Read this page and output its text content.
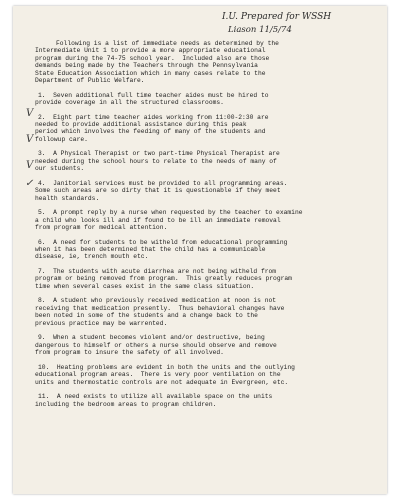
I.U. Prepared for WSSH
Liason 11/5/74
V
V
V
✓
Following is a list of immediate needs as determined by the
Intermediate Unit 1 to provide a more appropriate educational
program during the 74-75 school year.  Included also are those
demands being made by the Teachers through the Pennsylvania
State Education Association which in many cases relate to the
Department of Public Welfare.
1.  Seven additional full time teacher aides must be hired to
provide coverage in all the structured classrooms.
2.  Eight part time teacher aides working from 11:00-2:30 are
needed to provide additional assistance during this peak
period which involves the feeding of many of the students and
followup care.
3.  A Physical Therapist or two part-time Physical Therapist are
needed during the school hours to relate to the needs of many of
our students.
4.  Janitorial services must be provided to all programming areas.
Some such areas are so dirty that it is questionable if they meet
health standards.
5.  A prompt reply by a nurse when requested by the teacher to examine
a child who looks ill and if found to be ill an immediate removal
from program for medical attention.
6.  A need for students to be witheld from educational programming
when it has been determined that the child has a communicable
disease, ie, trench mouth etc.
7.  The students with acute diarrhea are not being witheld from
program or being removed from program.  This greatly reduces program
time when several cases exist in the same class situation.
8.  A student who previously received medication at noon is not
receiving that medication presently.  Thus behavioral changes have
been noted in some of the students and a change back to the
previous practice may be warrented.
9.  When a student becomes violent and/or destructive, being
dangerous to himself or others a nurse should observe and remove
from program to insure the safety of all involved.
10.  Heating problems are evident in both the units and the outlying
educational program areas.  There is very poor ventilation on the
units and thermostatic controls are not adequate in Evergreen, etc.
11.  A need exists to utilize all available space on the units
including the bedroom areas to program children.
